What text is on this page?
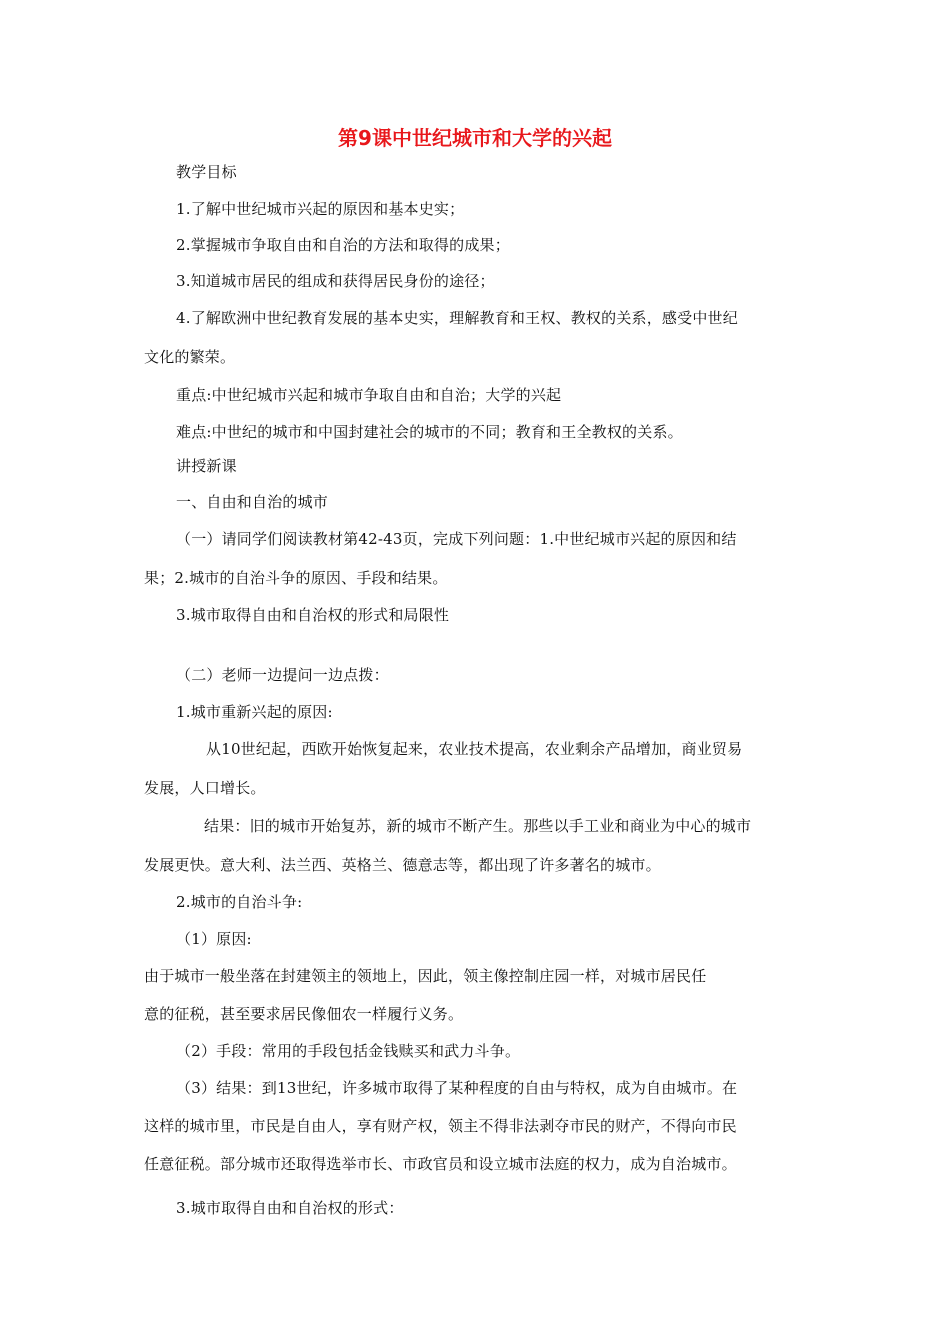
第9课中世纪城市和大学的兴起
教学目标
1.了解中世纪城市兴起的原因和基本史实；
2.掌握城市争取自由和自治的方法和取得的成果；
3.知道城市居民的组成和获得居民身份的途径；
4.了解欧洲中世纪教育发展的基本史实，理解教育和王权、教权的关系，感受中世纪
文化的繁荣。
重点:中世纪城市兴起和城市争取自由和自治；大学的兴起
难点:中世纪的城市和中国封建社会的城市的不同；教育和王全教权的关系。
讲授新课
一、自由和自治的城市
（一）请同学们阅读教材第42-43页，完成下列问题：1.中世纪城市兴起的原因和结
果；2.城市的自治斗争的原因、手段和结果。
3.城市取得自由和自治权的形式和局限性
（二）老师一边提问一边点拨：
1.城市重新兴起的原因:
从10世纪起，西欧开始恢复起来，农业技术提高，农业剩余产品增加，商业贸易
发展，人口增长。
结果：旧的城市开始复苏，新的城市不断产生。那些以手工业和商业为中心的城市
发展更快。意大利、法兰西、英格兰、德意志等，都出现了许多著名的城市。
2.城市的自治斗争:
（1）原因:
由于城市一般坐落在封建领主的领地上，因此，领主像控制庄园一样，对城市居民任
意的征税，甚至要求居民像佃农一样履行义务。
（2）手段：常用的手段包括金钱赎买和武力斗争。
（3）结果：到13世纪，许多城市取得了某种程度的自由与特权，成为自由城市。在
这样的城市里，市民是自由人，享有财产权，领主不得非法剥夺市民的财产，不得向市民
任意征税。部分城市还取得选举市长、市政官员和设立城市法庭的权力，成为自治城市。
3.城市取得自由和自治权的形式：
